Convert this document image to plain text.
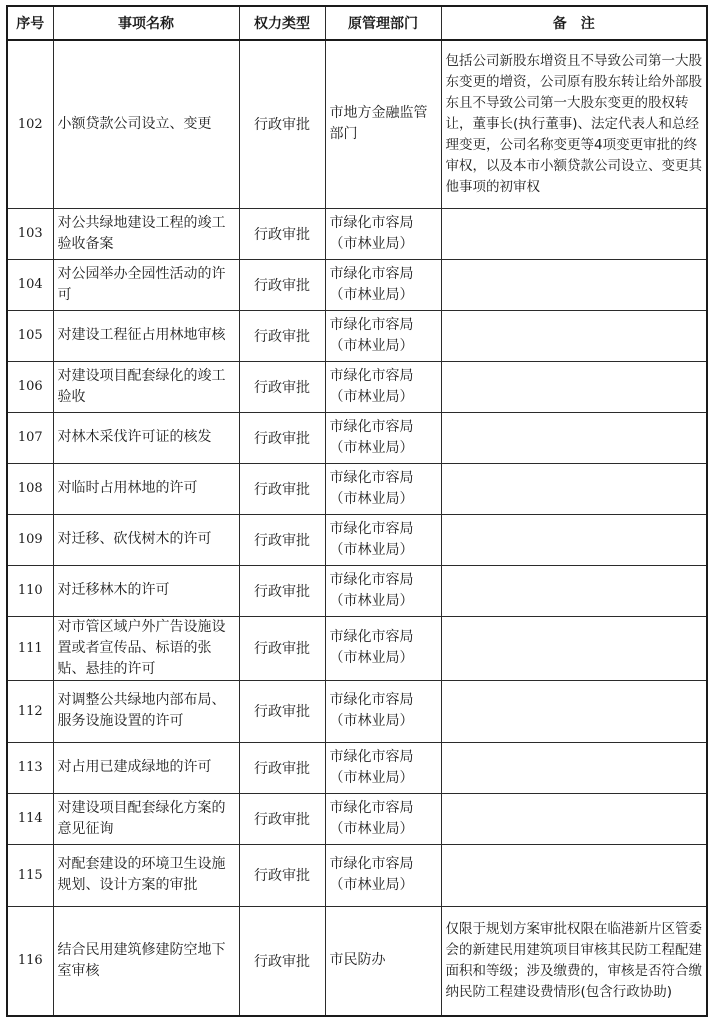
序号	事项名称	权力类型	原管理部门	备　注
102	小额贷款公司设立、变更	行政审批	市地方金融监管部门	包括公司新股东增资且不导致公司第一大股东变更的增资，公司原有股东转让给外部股东且不导致公司第一大股东变更的股权转让，董事长(执行董事)、法定代表人和总经理变更，公司名称变更等4项变更审批的终审权，以及本市小额贷款公司设立、变更其他事项的初审权
103	对公共绿地建设工程的竣工验收备案	行政审批	市绿化市容局（市林业局）	
104	对公园举办全园性活动的许可	行政审批	市绿化市容局（市林业局）	
105	对建设工程征占用林地审核	行政审批	市绿化市容局（市林业局）	
106	对建设项目配套绿化的竣工验收	行政审批	市绿化市容局（市林业局）	
107	对林木采伐许可证的核发	行政审批	市绿化市容局（市林业局）	
108	对临时占用林地的许可	行政审批	市绿化市容局（市林业局）	
109	对迁移、砍伐树木的许可	行政审批	市绿化市容局（市林业局）	
110	对迁移林木的许可	行政审批	市绿化市容局（市林业局）	
111	对市管区域户外广告设施设置或者宣传品、标语的张贴、悬挂的许可	行政审批	市绿化市容局（市林业局）	
112	对调整公共绿地内部布局、服务设施设置的许可	行政审批	市绿化市容局（市林业局）	
113	对占用已建成绿地的许可	行政审批	市绿化市容局（市林业局）	
114	对建设项目配套绿化方案的意见征询	行政审批	市绿化市容局（市林业局）	
115	对配套建设的环境卫生设施规划、设计方案的审批	行政审批	市绿化市容局（市林业局）	
116	结合民用建筑修建防空地下室审核	行政审批	市民防办	仅限于规划方案审批权限在临港新片区管委会的新建民用建筑项目审核其民防工程配建面积和等级；涉及缴费的，审核是否符合缴纳民防工程建设费情形(包含行政协助)
